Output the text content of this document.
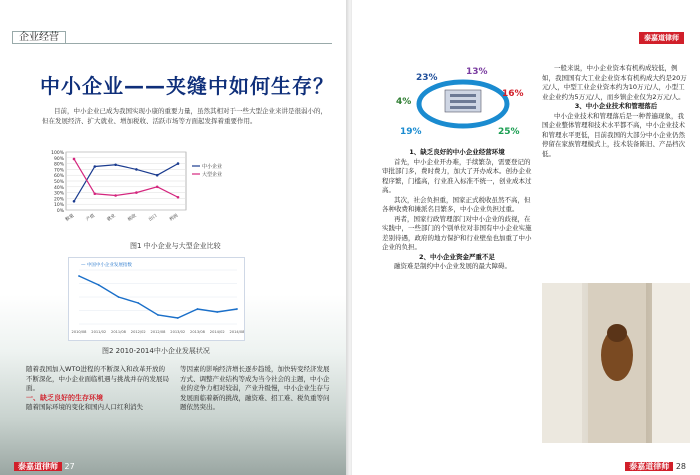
企业经营
中小企业——夹缝中如何生存？
目前，中小企业已成为我国实现小康的重要力量，虽然其相对于一些大型企业来讲是很弱小的，但在发展经济、扩大就业、增加税收、活跃市场等方面起发挥着重要作用。
0%
10%
20%
30%
40%
50%
60%
70%
80%
90%
100%
数量 产值 就业 税收 出口 利润
中小企业
大型企业
图1 中小企业与大型企业比较
— 中国中小企业发展指数
2010/08 2011/02 2011/08 2012/02 2012/08 2013/02 2013/08 2014/02 2014/08
图2 2010-2014中小企业发展状况

随着我国加入WTO进程的不断深入和改革开放的不断深化，中小企业面临机遇与挑战并存的发展局面。

一、缺乏良好的生存环境

随着国际环境的变化和国内人口红利消失

等因素的影响经济增长逐步趋缓，加快转变经济发展方式、调整产业结构等成为当今社会的主题，中小企业的竞争力相对较弱，产业升级慢，中小企业生存与发展面临着新的挑战，融资难、招工难、税负重等问题依然突出。

泰嘉道律师 27
泰嘉道律师
13%
23%
16%
4%
19%	25%

1、缺乏良好的中小企业经营环境

首先，中小企业开办难，手续繁杂，需要登记的审批部门多，费时费力，加大了开办成本。创办企业程序繁，门槛高，行业准入标准不统一，创业成本过高。

其次，社会负担重，国家正式税收虽然不高，但各种收费和摊派名目繁多，中小企业负担过重。

再者，国家行政管理部门对中小企业的歧视，在实践中，一些部门的个别单位对非国有中小企业实施差别待遇，政府的地方保护和行业壁垒也加重了中小企业的负担。

2、中小企业资金严重不足

融资难是制约中小企业发展的最大障碍。

一般来说，中小企业资本有机构成较低，例如，我国国有大工业企业资本有机构成大约是20万元/人，中型工业企业资本约为10万元/人，小型工业企业约为5万元/人，而乡镇企业仅为2万元/人。

3、中小企业技术和管理落后

中小企业技术和管理落后是一种普遍现象，我国企业整体管理和技术水平都不高，中小企业技术和管理水平更低，目前我国的大部分中小企业仍然停留在家族管理模式上，技术装备陈旧、产品档次低。

泰嘉道律师 28
